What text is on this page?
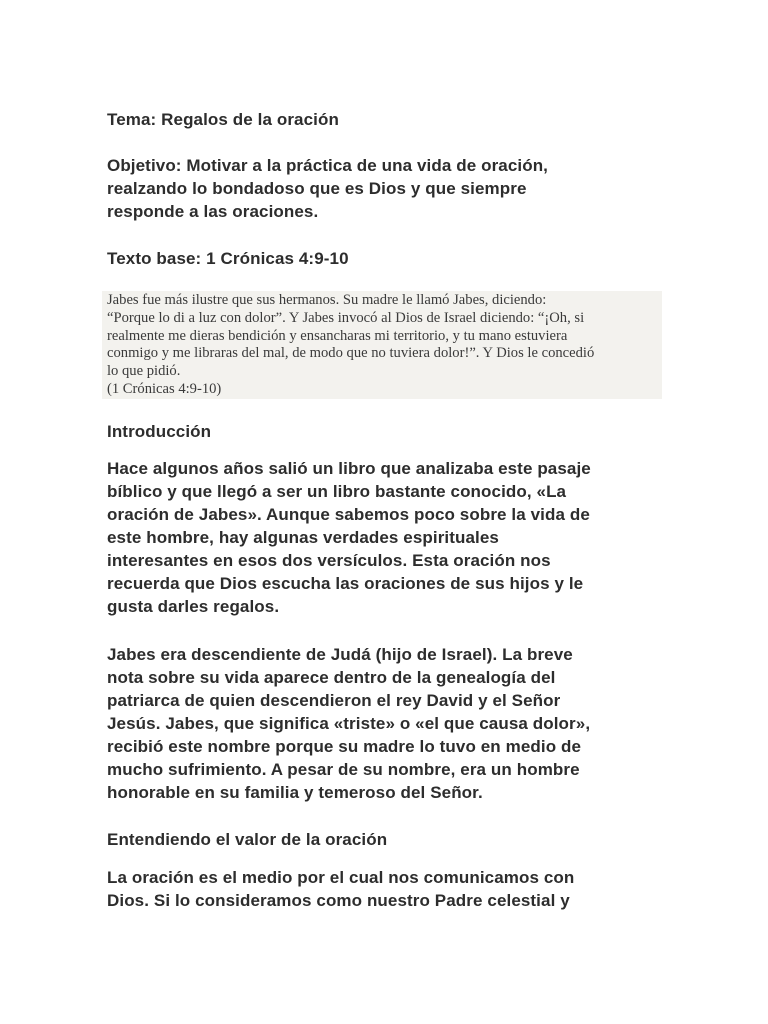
Tema: Regalos de la oración

Objetivo: Motivar a la práctica de una vida de oración,
realzando lo bondadoso que es Dios y que siempre
responde a las oraciones.

Texto base: 1 Crónicas 4:9-10

Jabes fue más ilustre que sus hermanos. Su madre le llamó Jabes, diciendo:
“Porque lo di a luz con dolor”. Y Jabes invocó al Dios de Israel diciendo: “¡Oh, si
realmente me dieras bendición y ensancharas mi territorio, y tu mano estuviera
conmigo y me libraras del mal, de modo que no tuviera dolor!”. Y Dios le concedió
lo que pidió.
(1 Crónicas 4:9-10)

Introducción

Hace algunos años salió un libro que analizaba este pasaje
bíblico y que llegó a ser un libro bastante conocido, «La
oración de Jabes». Aunque sabemos poco sobre la vida de
este hombre, hay algunas verdades espirituales
interesantes en esos dos versículos. Esta oración nos
recuerda que Dios escucha las oraciones de sus hijos y le
gusta darles regalos.

Jabes era descendiente de Judá (hijo de Israel). La breve
nota sobre su vida aparece dentro de la genealogía del
patriarca de quien descendieron el rey David y el Señor
Jesús. Jabes, que significa «triste» o «el que causa dolor»,
recibió este nombre porque su madre lo tuvo en medio de
mucho sufrimiento. A pesar de su nombre, era un hombre
honorable en su familia y temeroso del Señor.

Entendiendo el valor de la oración

La oración es el medio por el cual nos comunicamos con
Dios. Si lo consideramos como nuestro Padre celestial y
